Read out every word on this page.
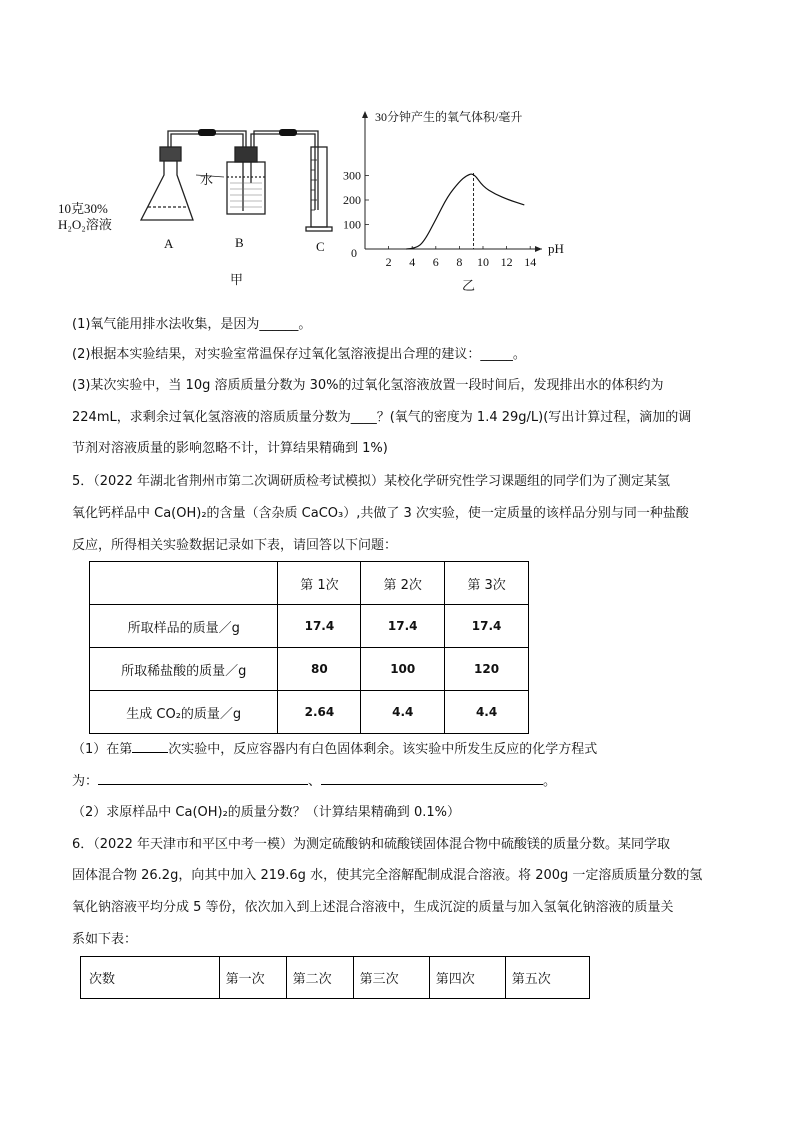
水
10克30%
H₂O₂溶液
A	B	C
甲
30分钟产生的氧气体积/毫升
pH
2 4 6 8 10 12 14
0
100
200
300
乙
(1)氧气能用排水法收集，是因为______。
(2)根据本实验结果，对实验室常温保存过氧化氢溶液提出合理的建议：_____。
(3)某次实验中，当 10g 溶质质量分数为 30%的过氧化氢溶液放置一段时间后，发现排出水的体积约为
224mL，求剩余过氧化氢溶液的溶质质量分数为____？(氧气的密度为 1.4 29g/L)(写出计算过程，滴加的调
节剂对溶液质量的影响忽略不计，计算结果精确到 1%)
5．（2022 年湖北省荆州市第二次调研质检考试模拟）某校化学研究性学习课题组的同学们为了测定某氢
氧化钙样品中 Ca(OH)₂的含量（含杂质 CaCO₃）,共做了 3 次实验，使一定质量的该样品分别与同一种盐酸
反应，所得相关实验数据记录如下表，请回答以下问题：
	第 1次	第 2次	第 3次
所取样品的质量／g	17.4	17.4	17.4
所取稀盐酸的质量／g	80	100	120
生成 CO₂的质量／g	2.64	4.4	4.4
（1）在第	次实验中，反应容器内有白色固体剩余。该实验中所发生反应的化学方程式
为：	、	。
（2）求原样品中 Ca(OH)₂的质量分数？（计算结果精确到 0.1%）
6．（2022 年天津市和平区中考一模）为测定硫酸钠和硫酸镁固体混合物中硫酸镁的质量分数。某同学取
固体混合物 26.2g，向其中加入 219.6g 水，使其完全溶解配制成混合溶液。将 200g 一定溶质质量分数的氢
氧化钠溶液平均分成 5 等份，依次加入到上述混合溶液中，生成沉淀的质量与加入氢氧化钠溶液的质量关
系如下表：
次数	第一次	第二次	第三次	第四次	第五次
